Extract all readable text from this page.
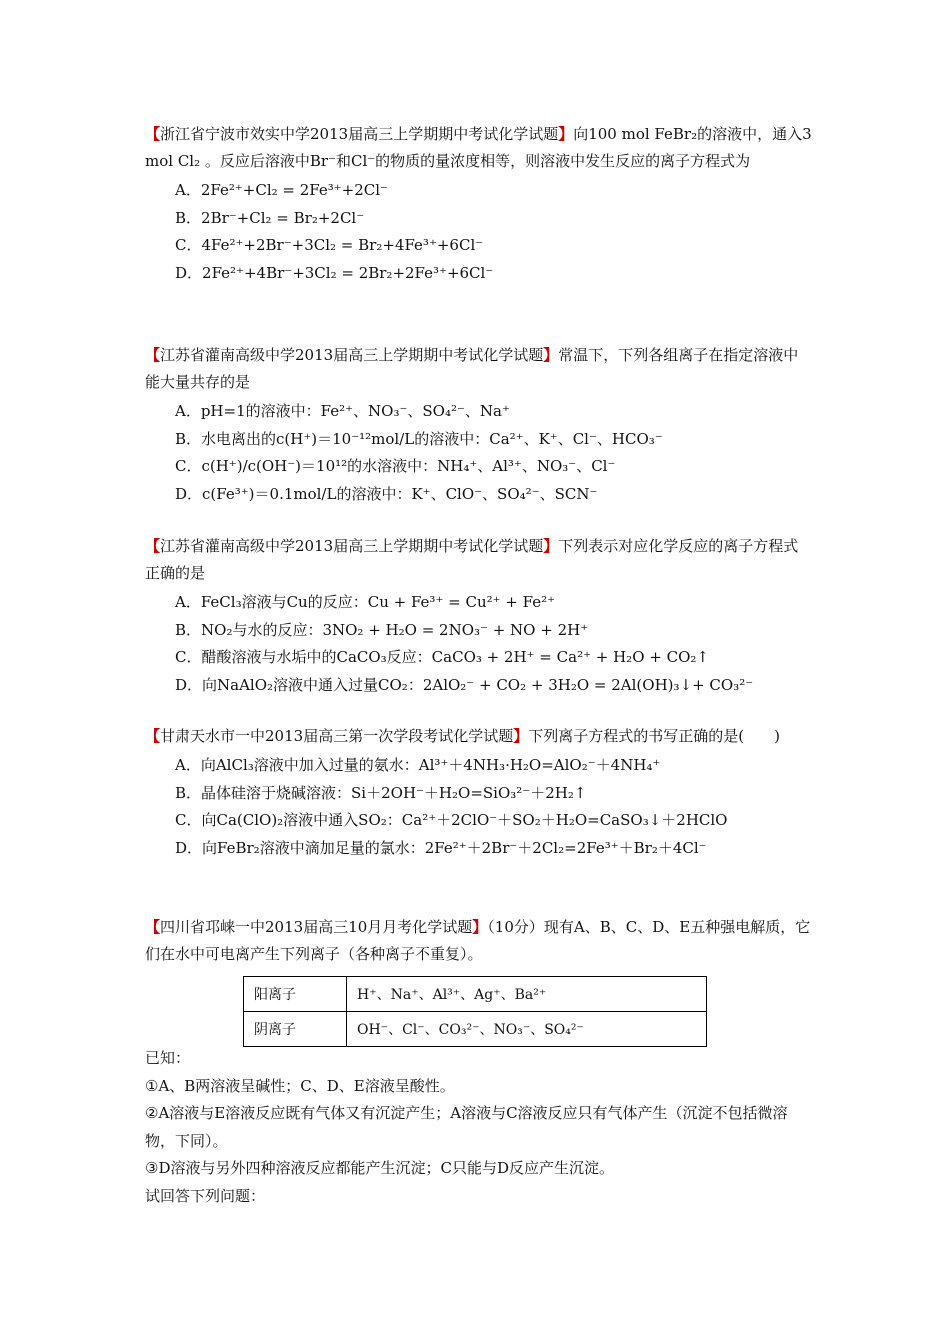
【浙江省宁波市效实中学2013届高三上学期期中考试化学试题】向100 mol FeBr₂的溶液中，通入3 mol Cl₂ 。反应后溶液中Br⁻和Cl⁻的物质的量浓度相等，则溶液中发生反应的离子方程式为

A．2Fe²⁺+Cl₂ = 2Fe³⁺+2Cl⁻
B．2Br⁻+Cl₂ = Br₂+2Cl⁻
C．4Fe²⁺+2Br⁻+3Cl₂ = Br₂+4Fe³⁺+6Cl⁻
D．2Fe²⁺+4Br⁻+3Cl₂ = 2Br₂+2Fe³⁺+6Cl⁻

【江苏省灌南高级中学2013届高三上学期期中考试化学试题】常温下，下列各组离子在指定溶液中能大量共存的是

A．pH=1的溶液中：Fe²⁺、NO₃⁻、SO₄²⁻、Na⁺
B．水电离出的c(H⁺)＝10⁻¹²mol/L的溶液中：Ca²⁺、K⁺、Cl⁻、HCO₃⁻
C．c(H⁺)/c(OH⁻)＝10¹²的水溶液中：NH₄⁺、Al³⁺、NO₃⁻、Cl⁻
D．c(Fe³⁺)＝0.1mol/L的溶液中：K⁺、ClO⁻、SO₄²⁻、SCN⁻

【江苏省灌南高级中学2013届高三上学期期中考试化学试题】下列表示对应化学反应的离子方程式正确的是

A．FeCl₃溶液与Cu的反应：Cu + Fe³⁺ = Cu²⁺ + Fe²⁺
B．NO₂与水的反应：3NO₂ + H₂O = 2NO₃⁻ + NO + 2H⁺
C．醋酸溶液与水垢中的CaCO₃反应：CaCO₃ + 2H⁺ = Ca²⁺ + H₂O + CO₂↑
D．向NaAlO₂溶液中通入过量CO₂：2AlO₂⁻ + CO₂ + 3H₂O = 2Al(OH)₃↓+ CO₃²⁻

【甘肃天水市一中2013届高三第一次学段考试化学试题】下列离子方程式的书写正确的是(　　)

A．向AlCl₃溶液中加入过量的氨水：Al³⁺＋4NH₃·H₂O=AlO₂⁻＋4NH₄⁺
B．晶体硅溶于烧碱溶液：Si＋2OH⁻＋H₂O=SiO₃²⁻＋2H₂↑
C．向Ca(ClO)₂溶液中通入SO₂：Ca²⁺＋2ClO⁻＋SO₂＋H₂O=CaSO₃↓＋2HClO
D．向FeBr₂溶液中滴加足量的氯水：2Fe²⁺＋2Br⁻＋2Cl₂=2Fe³⁺＋Br₂＋4Cl⁻

【四川省邛崃一中2013届高三10月月考化学试题】（10分）现有A、B、C、D、E五种强电解质，它们在水中可电离产生下列离子（各种离子不重复）。

阳离子	H⁺、Na⁺、Al³⁺、Ag⁺、Ba²⁺
阴离子	OH⁻、Cl⁻、CO₃²⁻、NO₃⁻、SO₄²⁻

已知：

①A、B两溶液呈碱性；C、D、E溶液呈酸性。

②A溶液与E溶液反应既有气体又有沉淀产生；A溶液与C溶液反应只有气体产生（沉淀不包括微溶物，下同）。

③D溶液与另外四种溶液反应都能产生沉淀；C只能与D反应产生沉淀。

试回答下列问题：
